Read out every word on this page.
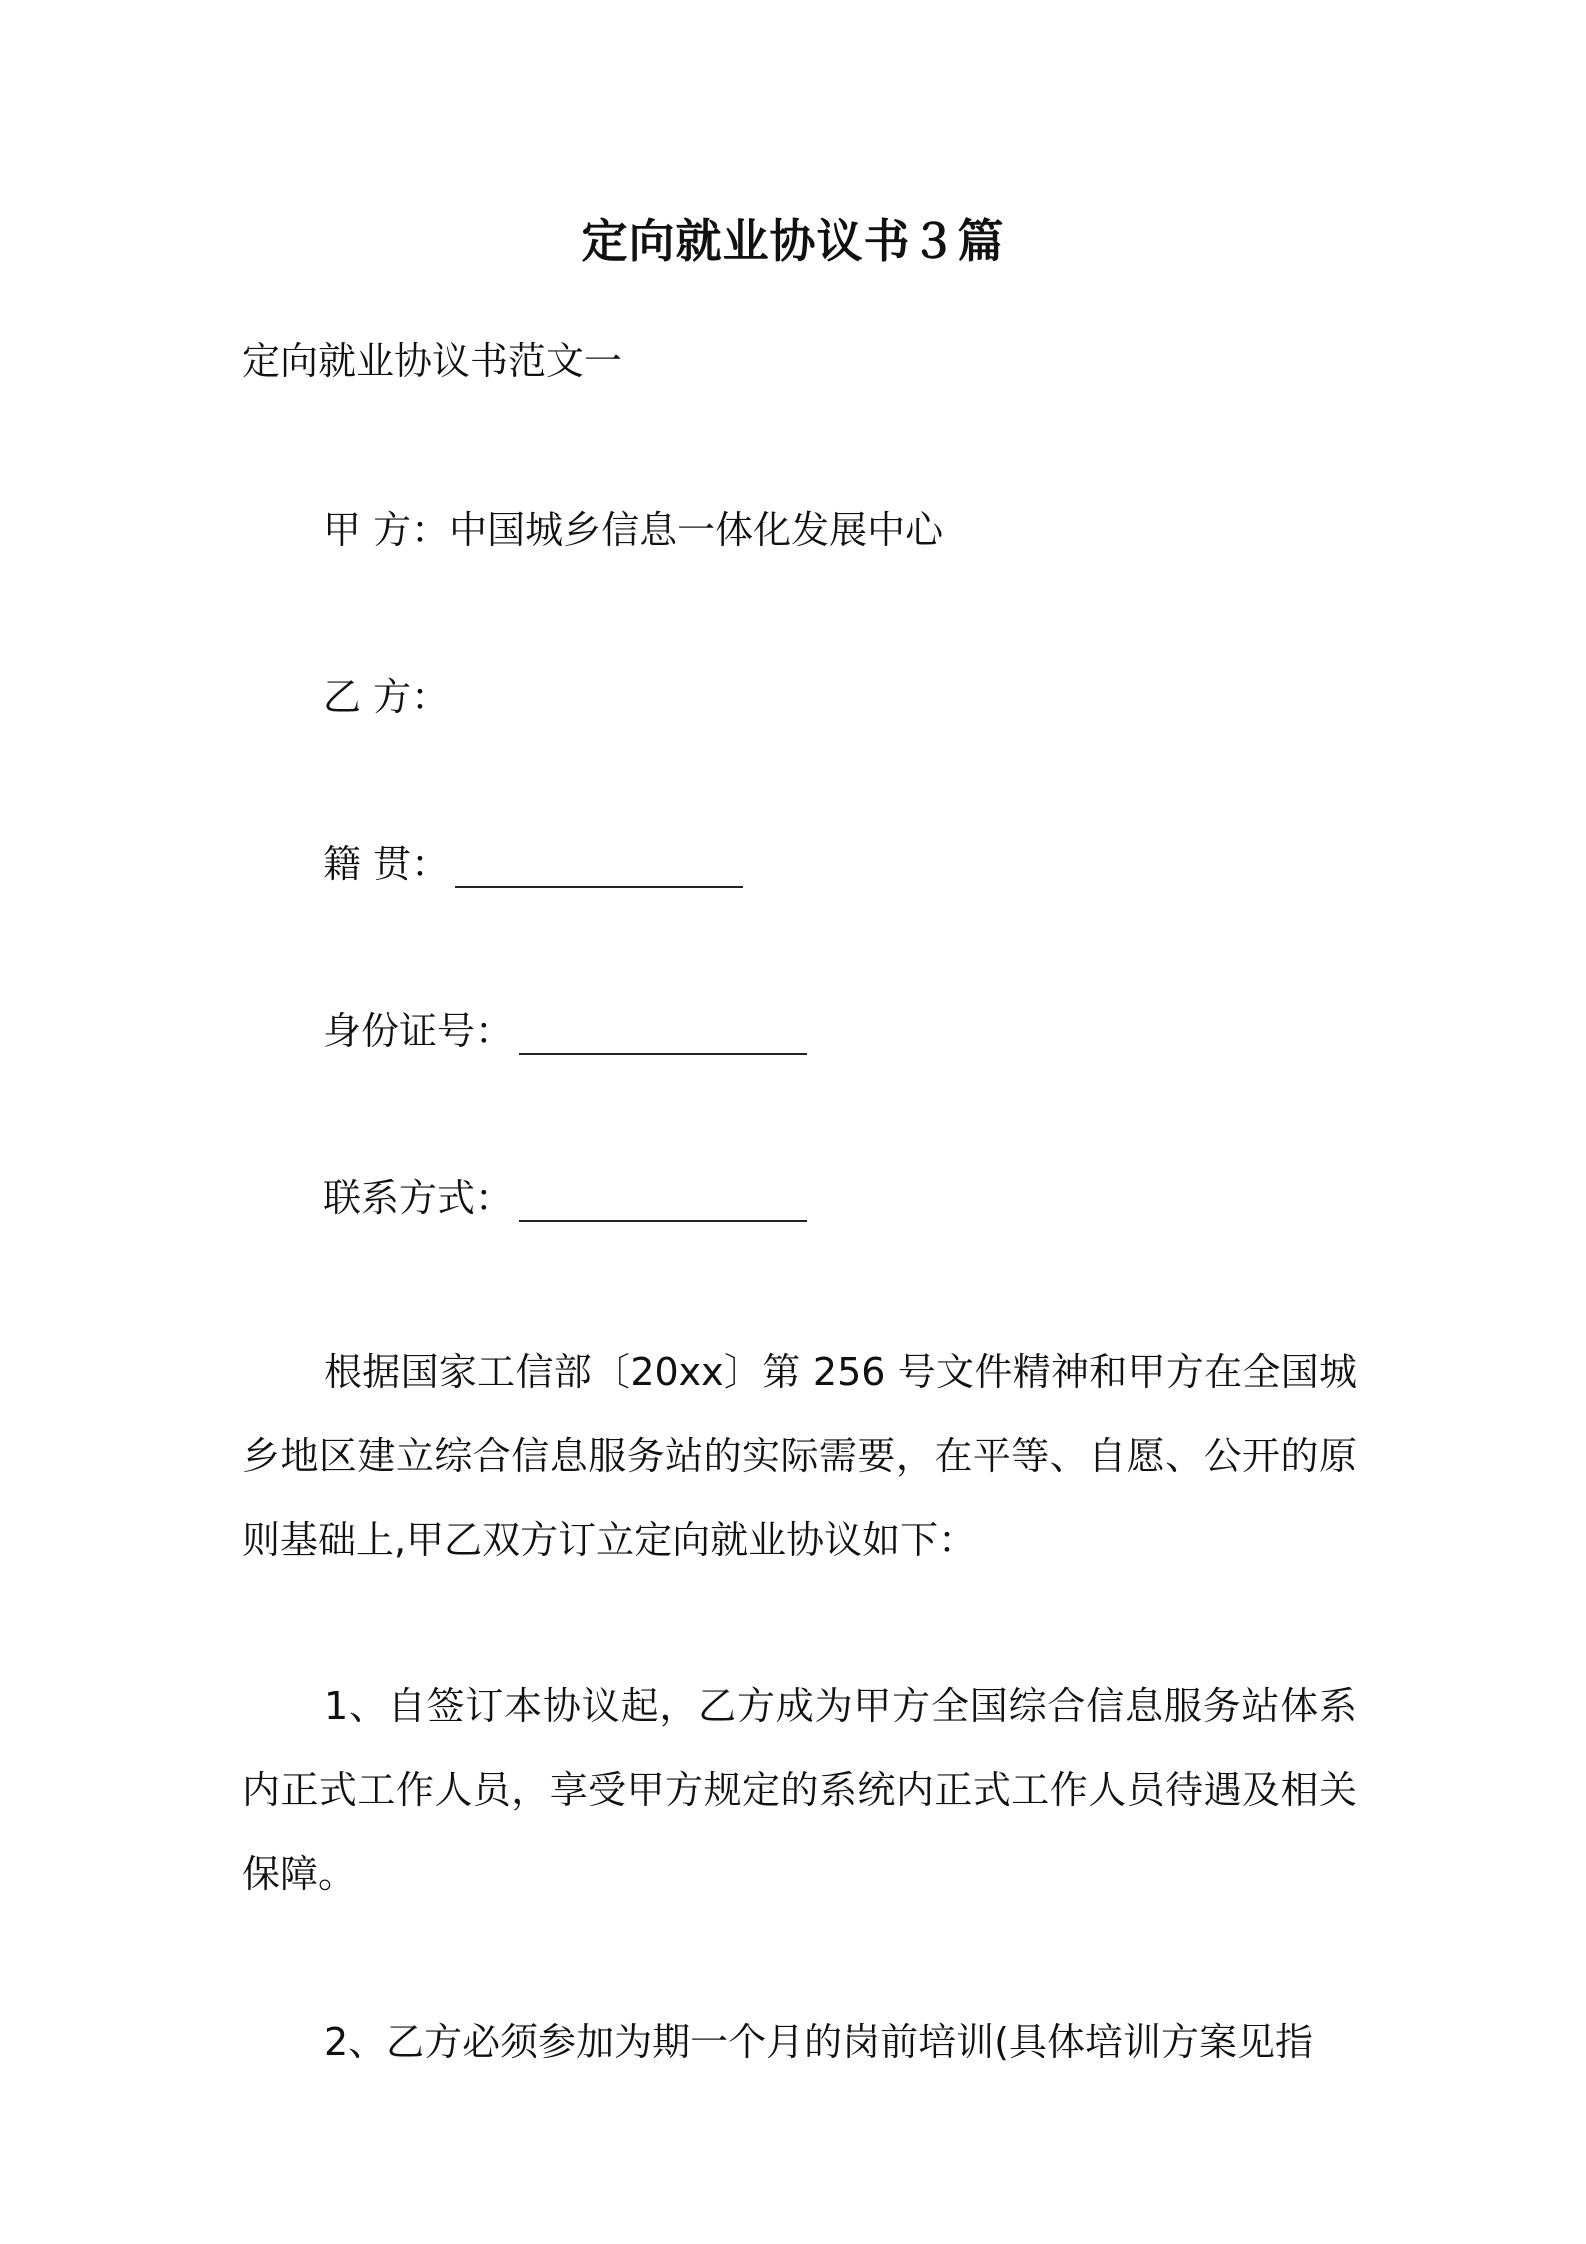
定向就业协议书３篇
定向就业协议书范文一
甲 方：中国城乡信息一体化发展中心
乙 方：
籍 贯：
身份证号：
联系方式：
根据国家工信部〔20xx〕第 256 号文件精神和甲方在全国城乡地区建立综合信息服务站的实际需要，在平等、自愿、公开的原则基础上,甲乙双方订立定向就业协议如下：
1、自签订本协议起，乙方成为甲方全国综合信息服务站体系内正式工作人员，享受甲方规定的系统内正式工作人员待遇及相关保障。
2、乙方必须参加为期一个月的岗前培训(具体培训方案见指
